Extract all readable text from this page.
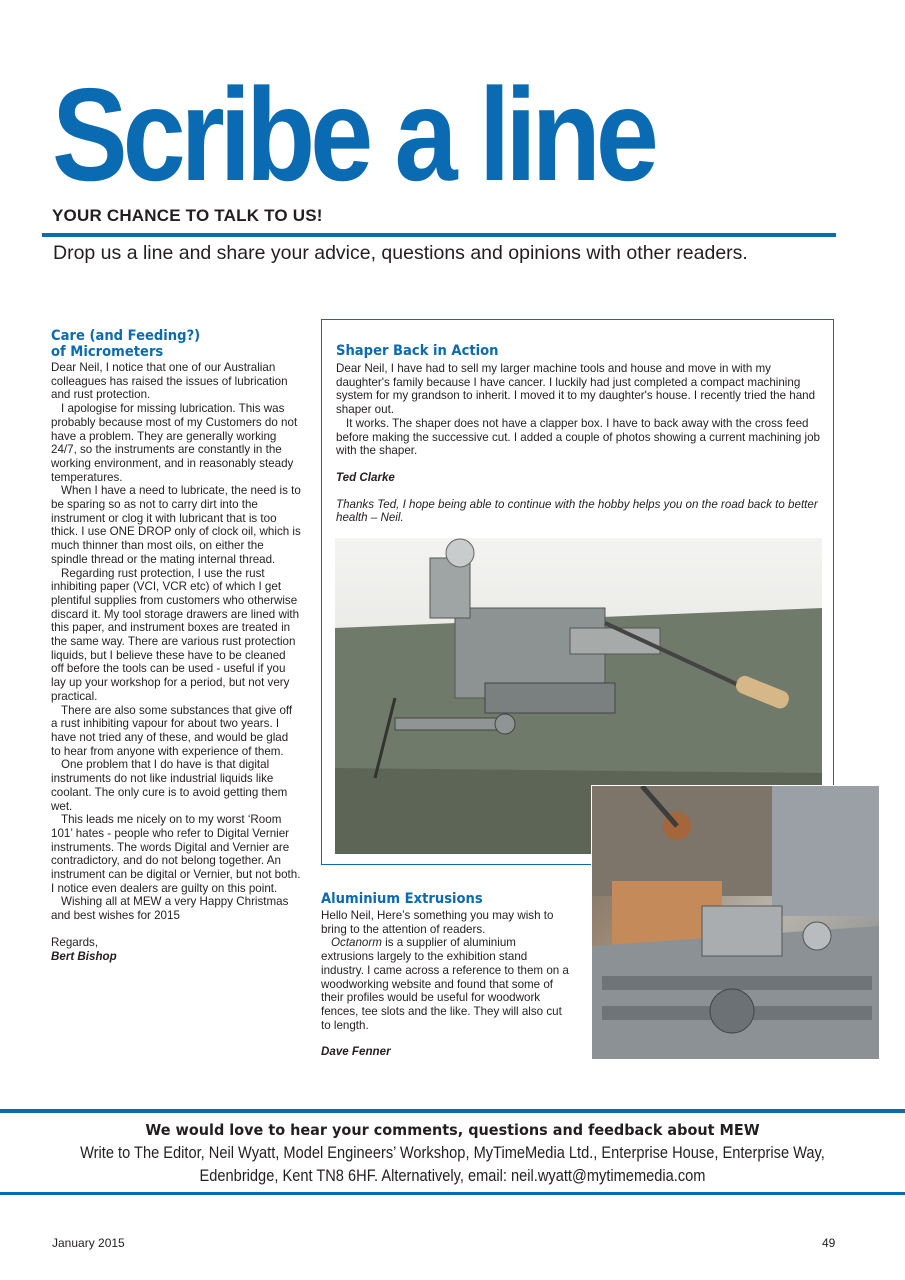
Scribe a line
YOUR CHANCE TO TALK TO US!
Drop us a line and share your advice, questions and opinions with other readers.
Care (and Feeding?)
of Micrometers

Dear Neil, I notice that one of our Australian colleagues has raised the issues of lubrication and rust protection.

I apologise for missing lubrication. This was probably because most of my Customers do not have a problem. They are generally working 24/7, so the instruments are constantly in the working environment, and in reasonably steady temperatures.

When I have a need to lubricate, the need is to be sparing so as not to carry dirt into the instrument or clog it with lubricant that is too thick. I use ONE DROP only of clock oil, which is much thinner than most oils, on either the spindle thread or the mating internal thread.

Regarding rust protection, I use the rust inhibiting paper (VCI, VCR etc) of which I get plentiful supplies from customers who otherwise discard it. My tool storage drawers are lined with this paper, and instrument boxes are treated in the same way. There are various rust protection liquids, but I believe these have to be cleaned off before the tools can be used - useful if you lay up your workshop for a period, but not very practical.

There are also some substances that give off a rust inhibiting vapour for about two years. I have not tried any of these, and would be glad to hear from anyone with experience of them.

One problem that I do have is that digital instruments do not like industrial liquids like coolant. The only cure is to avoid getting them wet.

This leads me nicely on to my worst ‘Room 101’ hates - people who refer to Digital Vernier instruments. The words Digital and Vernier are contradictory, and do not belong together. An instrument can be digital or Vernier, but not both. I notice even dealers are guilty on this point.

Wishing all at MEW a very Happy Christmas and best wishes for 2015

Regards,

Bert Bishop

Shaper Back in Action

Dear Neil, I have had to sell my larger machine tools and house and move in with my daughter's family because I have cancer. I luckily had just completed a compact machining system for my grandson to inherit. I moved it to my daughter's house. I recently tried the hand shaper out.

It works. The shaper does not have a clapper box. I have to back away with the cross feed before making the successive cut. I added a couple of photos showing a current machining job with the shaper.

Ted Clarke

Thanks Ted, I hope being able to continue with the hobby helps you on the road back to better health – Neil.

Aluminium Extrusions

Hello Neil, Here’s something you may wish to bring to the attention of readers.

Octanorm is a supplier of aluminium extrusions largely to the exhibition stand industry. I came across a reference to them on a woodworking website and found that some of their profiles would be useful for woodwork fences, tee slots and the like. They will also cut to length.

Dave Fenner

We would love to hear your comments, questions and feedback about MEW
Write to The Editor, Neil Wyatt, Model Engineers’ Workshop, MyTimeMedia Ltd., Enterprise House, Enterprise Way,
Edenbridge, Kent TN8 6HF. Alternatively, email: neil.wyatt@mytimemedia.com
January 2015	49
